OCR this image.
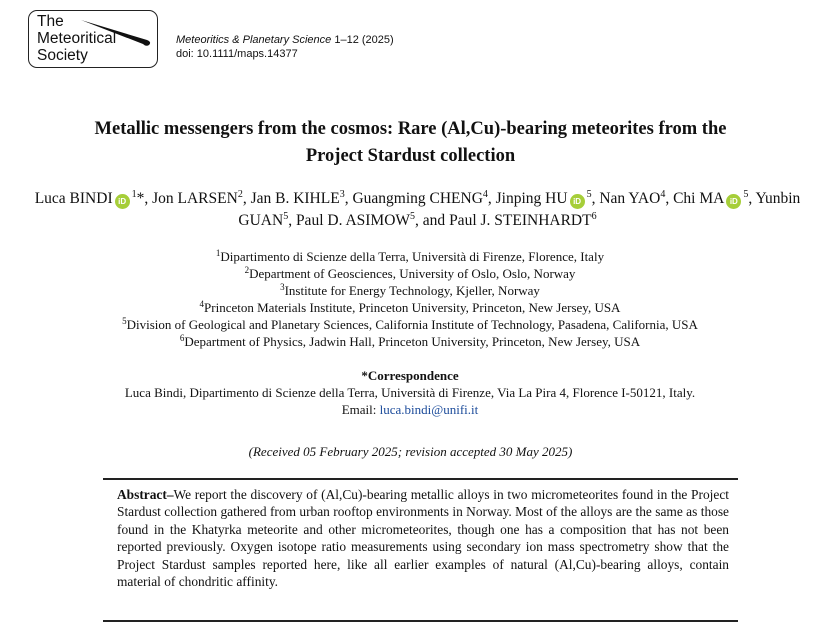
The
Meteoritical
Society
Meteoritics & Planetary Science 1–12 (2025)
doi: 10.1111/maps.14377
Metallic messengers from the cosmos: Rare (Al,Cu)-bearing meteorites from the
Project Stardust collection
Luca BINDI $iD^1*$, Jon LARSEN$^2$, Jan B. KIHLE$^3$, Guangming CHENG$^4$, Jinping HU $iD^5$, Nan YAO$^4$, Chi MA $iD^5$, Yunbin GUAN$^5$, Paul D. ASIMOW$^5$, and Paul J. STEINHARDT$^6$
$^1$Dipartimento di Scienze della Terra, Università di Firenze, Florence, Italy
$^2$Department of Geosciences, University of Oslo, Oslo, Norway
$^3$Institute for Energy Technology, Kjeller, Norway
$^4$Princeton Materials Institute, Princeton University, Princeton, New Jersey, USA
$^5$Division of Geological and Planetary Sciences, California Institute of Technology, Pasadena, California, USA
$^6$Department of Physics, Jadwin Hall, Princeton University, Princeton, New Jersey, USA
*Correspondence
Luca Bindi, Dipartimento di Scienze della Terra, Università di Firenze, Via La Pira 4, Florence I-50121, Italy.
Email: luca.bindi@unifi.it
(Received 05 February 2025; revision accepted 30 May 2025)
Abstract–We report the discovery of (Al,Cu)-bearing metallic alloys in two micrometeorites found in the Project Stardust collection gathered from urban rooftop environments in Norway. Most of the alloys are the same as those found in the Khatyrka meteorite and other micrometeorites, though one has a composition that has not been reported previously. Oxygen isotope ratio measurements using secondary ion mass spectrometry show that the Project Stardust samples reported here, like all earlier examples of natural (Al,Cu)-bearing alloys, contain material of chondritic affinity.
